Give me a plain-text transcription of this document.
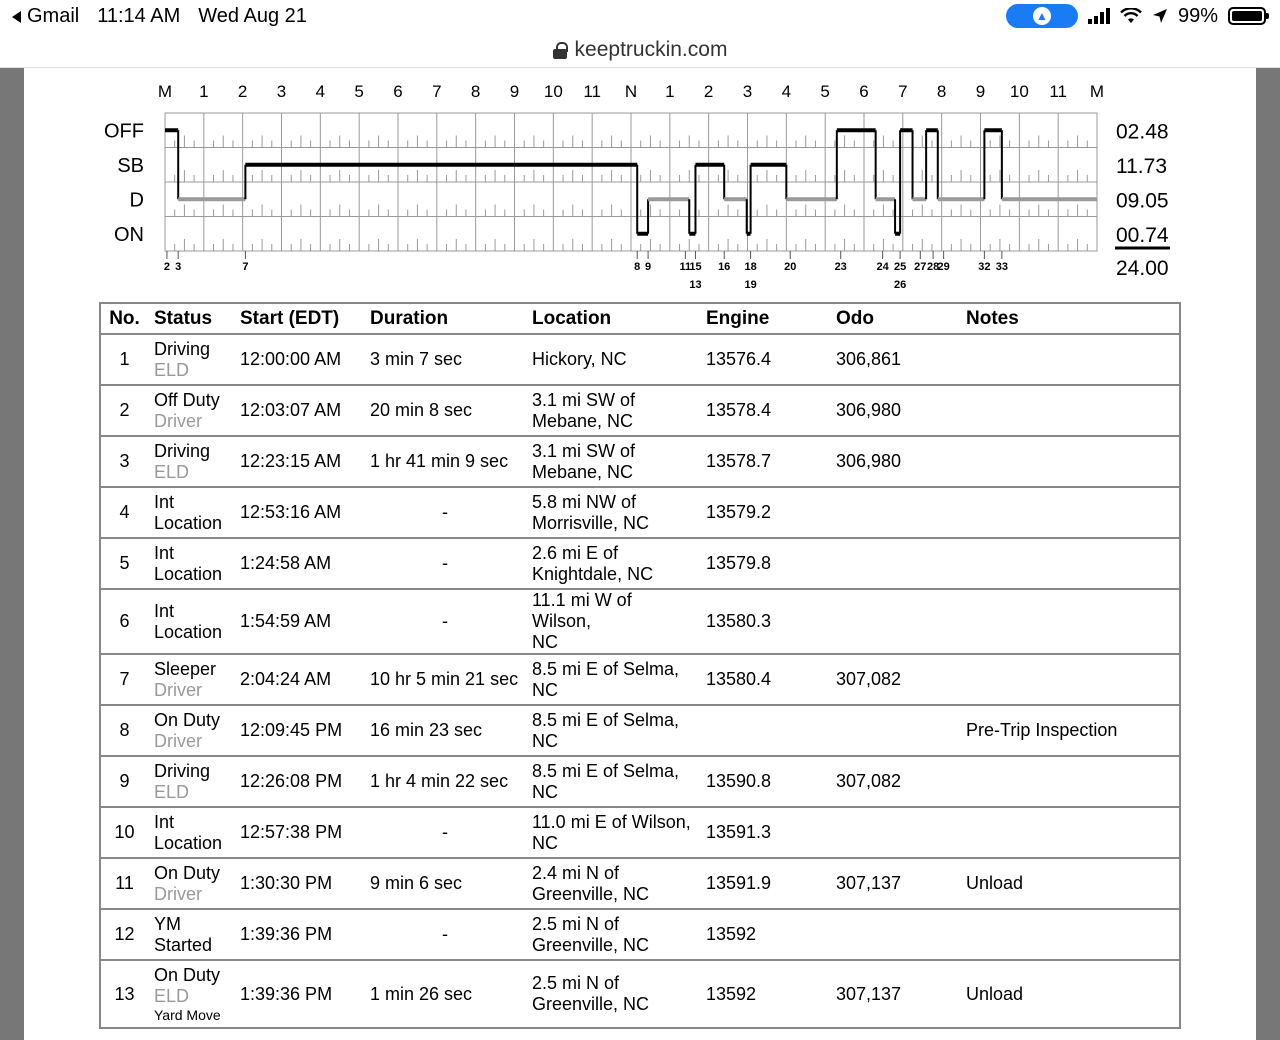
Gmail 11:14 AM Wed Aug 21	▲	99%
keeptruckin.com
M 1 2 3 4 5 6 7 8 9 10 11 N 1 2 3 4 5 6 7 8 9 10 11 M
OFF
SB
D
ON
2 3	7	8 9	11
15 16 18 20	23	24 25 27 28
29	32 33
13	19	26
02.48
11.73
09.05
00.74
24.00
No.	Status	Start (EDT)	Duration	Location	Engine	Odo	Notes
1	Driving
ELD	12:00:00 AM	3 min 7 sec	Hickory, NC	13576.4	306,861	
2	Off Duty
Driver	12:03:07 AM	20 min 8 sec	3.1 mi SW of
Mebane, NC	13578.4	306,980	
3	Driving
ELD	12:23:15 AM	1 hr 41 min 9 sec	3.1 mi SW of
Mebane, NC	13578.7	306,980	
4	Int
Location	12:53:16 AM	-	5.8 mi NW of
Morrisville, NC	13579.2		
5	Int
Location	1:24:58 AM	-	2.6 mi E of
Knightdale, NC	13579.8		
6	Int
Location	1:54:59 AM	-	11.1 mi W of Wilson,
NC	13580.3		
7	Sleeper
Driver	2:04:24 AM	10 hr 5 min 21 sec	8.5 mi E of Selma,
NC	13580.4	307,082	
8	On Duty
Driver	12:09:45 PM	16 min 23 sec	8.5 mi E of Selma,
NC			Pre-Trip Inspection
9	Driving
ELD	12:26:08 PM	1 hr 4 min 22 sec	8.5 mi E of Selma,
NC	13590.8	307,082	
10	Int
Location	12:57:38 PM	-	11.0 mi E of Wilson,
NC	13591.3		
11	On Duty
Driver	1:30:30 PM	9 min 6 sec	2.4 mi N of
Greenville, NC	13591.9	307,137	Unload
12	YM
Started	1:39:36 PM	-	2.5 mi N of
Greenville, NC	13592		
13	On Duty
ELD
Yard Move	1:39:36 PM	1 min 26 sec	2.5 mi N of
Greenville, NC	13592	307,137	Unload
